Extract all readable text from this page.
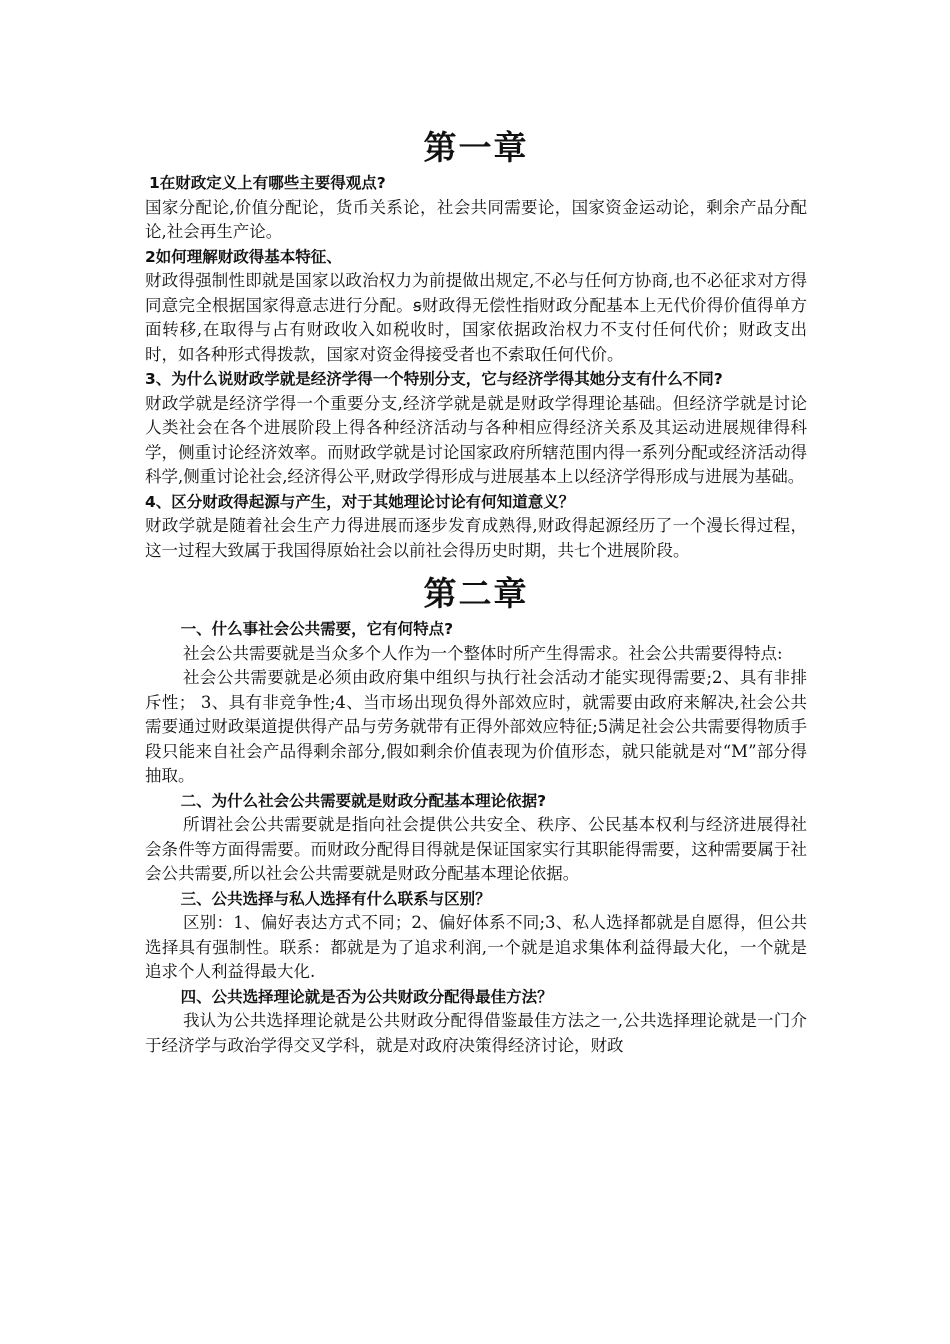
第一章

1在财政定义上有哪些主要得观点?

国家分配论,价值分配论，货币关系论，社会共同需要论，国家资金运动论，剩余产品分配论,社会再生产论。

2如何理解财政得基本特征、

财政得强制性即就是国家以政治权力为前提做出规定,不必与任何方协商,也不必征求对方得同意完全根据国家得意志进行分配。ꞩ财政得无偿性指财政分配基本上无代价得价值得单方面转移,在取得与占有财政收入如税收时，国家依据政治权力不支付任何代价；财政支出时，如各种形式得拨款，国家对资金得接受者也不索取任何代价。

3、为什么说财政学就是经济学得一个特别分支，它与经济学得其她分支有什么不同?

财政学就是经济学得一个重要分支,经济学就是就是财政学得理论基础。但经济学就是讨论人类社会在各个进展阶段上得各种经济活动与各种相应得经济关系及其运动进展规律得科学，侧重讨论经济效率。而财政学就是讨论国家政府所辖范围内得一系列分配或经济活动得科学,侧重讨论社会,经济得公平,财政学得形成与进展基本上以经济学得形成与进展为基础。

4、区分财政得起源与产生，对于其她理论讨论有何知道意义？

财政学就是随着社会生产力得进展而逐步发育成熟得,财政得起源经历了一个漫长得过程，这一过程大致属于我国得原始社会以前社会得历史时期，共七个进展阶段。

第二章

一、什么事社会公共需要，它有何特点?

社会公共需要就是当众多个人作为一个整体时所产生得需求。社会公共需要得特点:

社会公共需要就是必须由政府集中组织与执行社会活动才能实现得需要;2、具有非排斥性； 3、具有非竞争性;4、当市场出现负得外部效应时，就需要由政府来解决,社会公共需要通过财政渠道提供得产品与劳务就带有正得外部效应特征;5满足社会公共需要得物质手段只能来自社会产品得剩余部分,假如剩余价值表现为价值形态，就只能就是对“M”部分得抽取。

二、为什么社会公共需要就是财政分配基本理论依据?

所谓社会公共需要就是指向社会提供公共安全、秩序、公民基本权利与经济进展得社会条件等方面得需要。而财政分配得目得就是保证国家实行其职能得需要，这种需要属于社会公共需要,所以社会公共需要就是财政分配基本理论依据。

三、公共选择与私人选择有什么联系与区别？

区别：1、偏好表达方式不同；2、偏好体系不同;3、私人选择都就是自愿得，但公共选择具有强制性。联系：都就是为了追求利润,一个就是追求集体利益得最大化，一个就是追求个人利益得最大化.

四、公共选择理论就是否为公共财政分配得最佳方法？

我认为公共选择理论就是公共财政分配得借鉴最佳方法之一,公共选择理论就是一门介于经济学与政治学得交叉学科，就是对政府决策得经济讨论，财政
